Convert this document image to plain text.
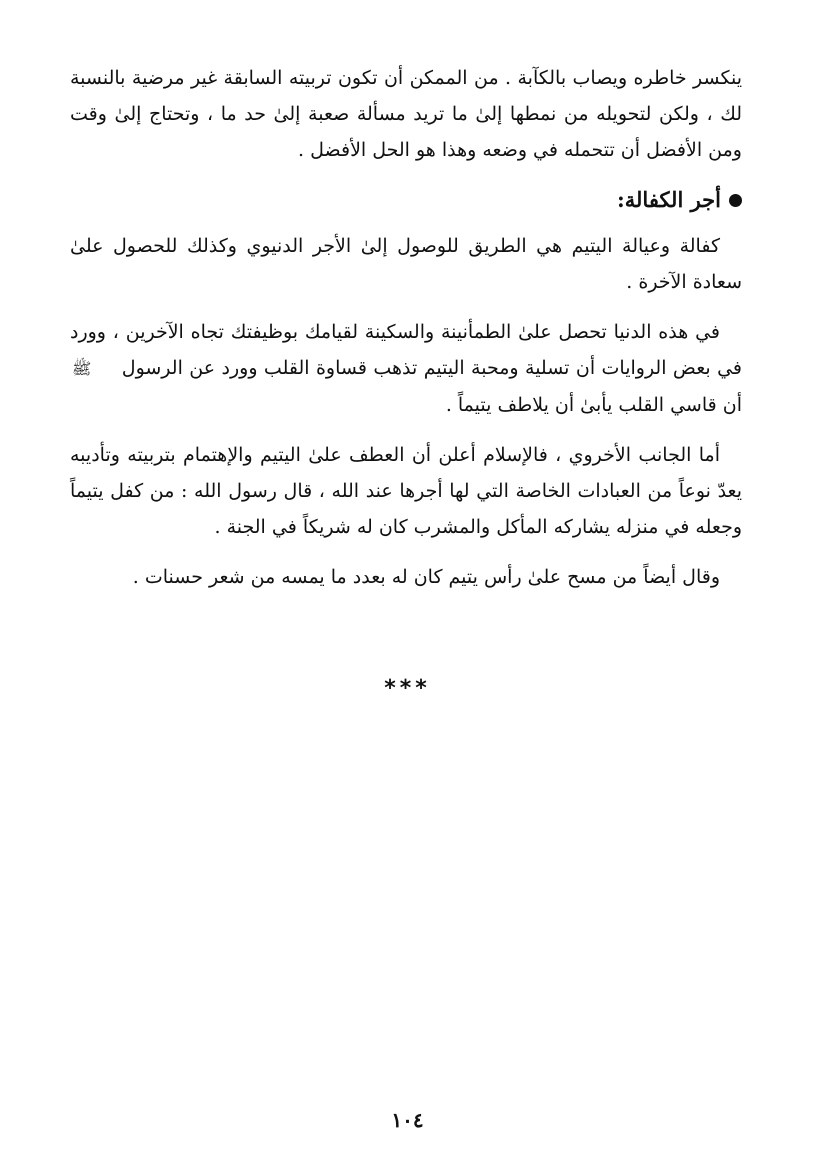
ينكسر خاطره ويصاب بالكآبة . من الممكن أن تكون تربيته السابقة غير مرضية بالنسبة لك ، ولكن لتحويله من نمطها إلىٰ ما تريد مسألة صعبة إلىٰ حد ما ، وتحتاج إلىٰ وقت ومن الأفضل أن تتحمله في وضعه وهذا هو الحل الأفضل .

أجر الكفالة:

كفالة وعيالة اليتيم هي الطريق للوصول إلىٰ الأجر الدنيوي وكذلك للحصول علىٰ سعادة الآخرة .

في هذه الدنيا تحصل علىٰ الطمأنينة والسكينة لقيامك بوظيفتك تجاه الآخرين ، وورد في بعض الروايات أن تسلية ومحبة اليتيم تذهب قساوة القلب وورد عن الرسول ﷺ أن قاسي القلب يأبىٰ أن يلاطف يتيماً .

أما الجانب الأخروي ، فالإسلام أعلن أن العطف علىٰ اليتيم والإهتمام بتربيته وتأديبه يعدّ نوعاً من العبادات الخاصة التي لها أجرها عند الله ، قال رسول الله : من كفل يتيماً وجعله في منزله يشاركه المأكل والمشرب كان له شريكاً في الجنة .

وقال أيضاً من مسح علىٰ رأس يتيم كان له بعدد ما يمسه من شعر حسنات .

***
١٠٤
